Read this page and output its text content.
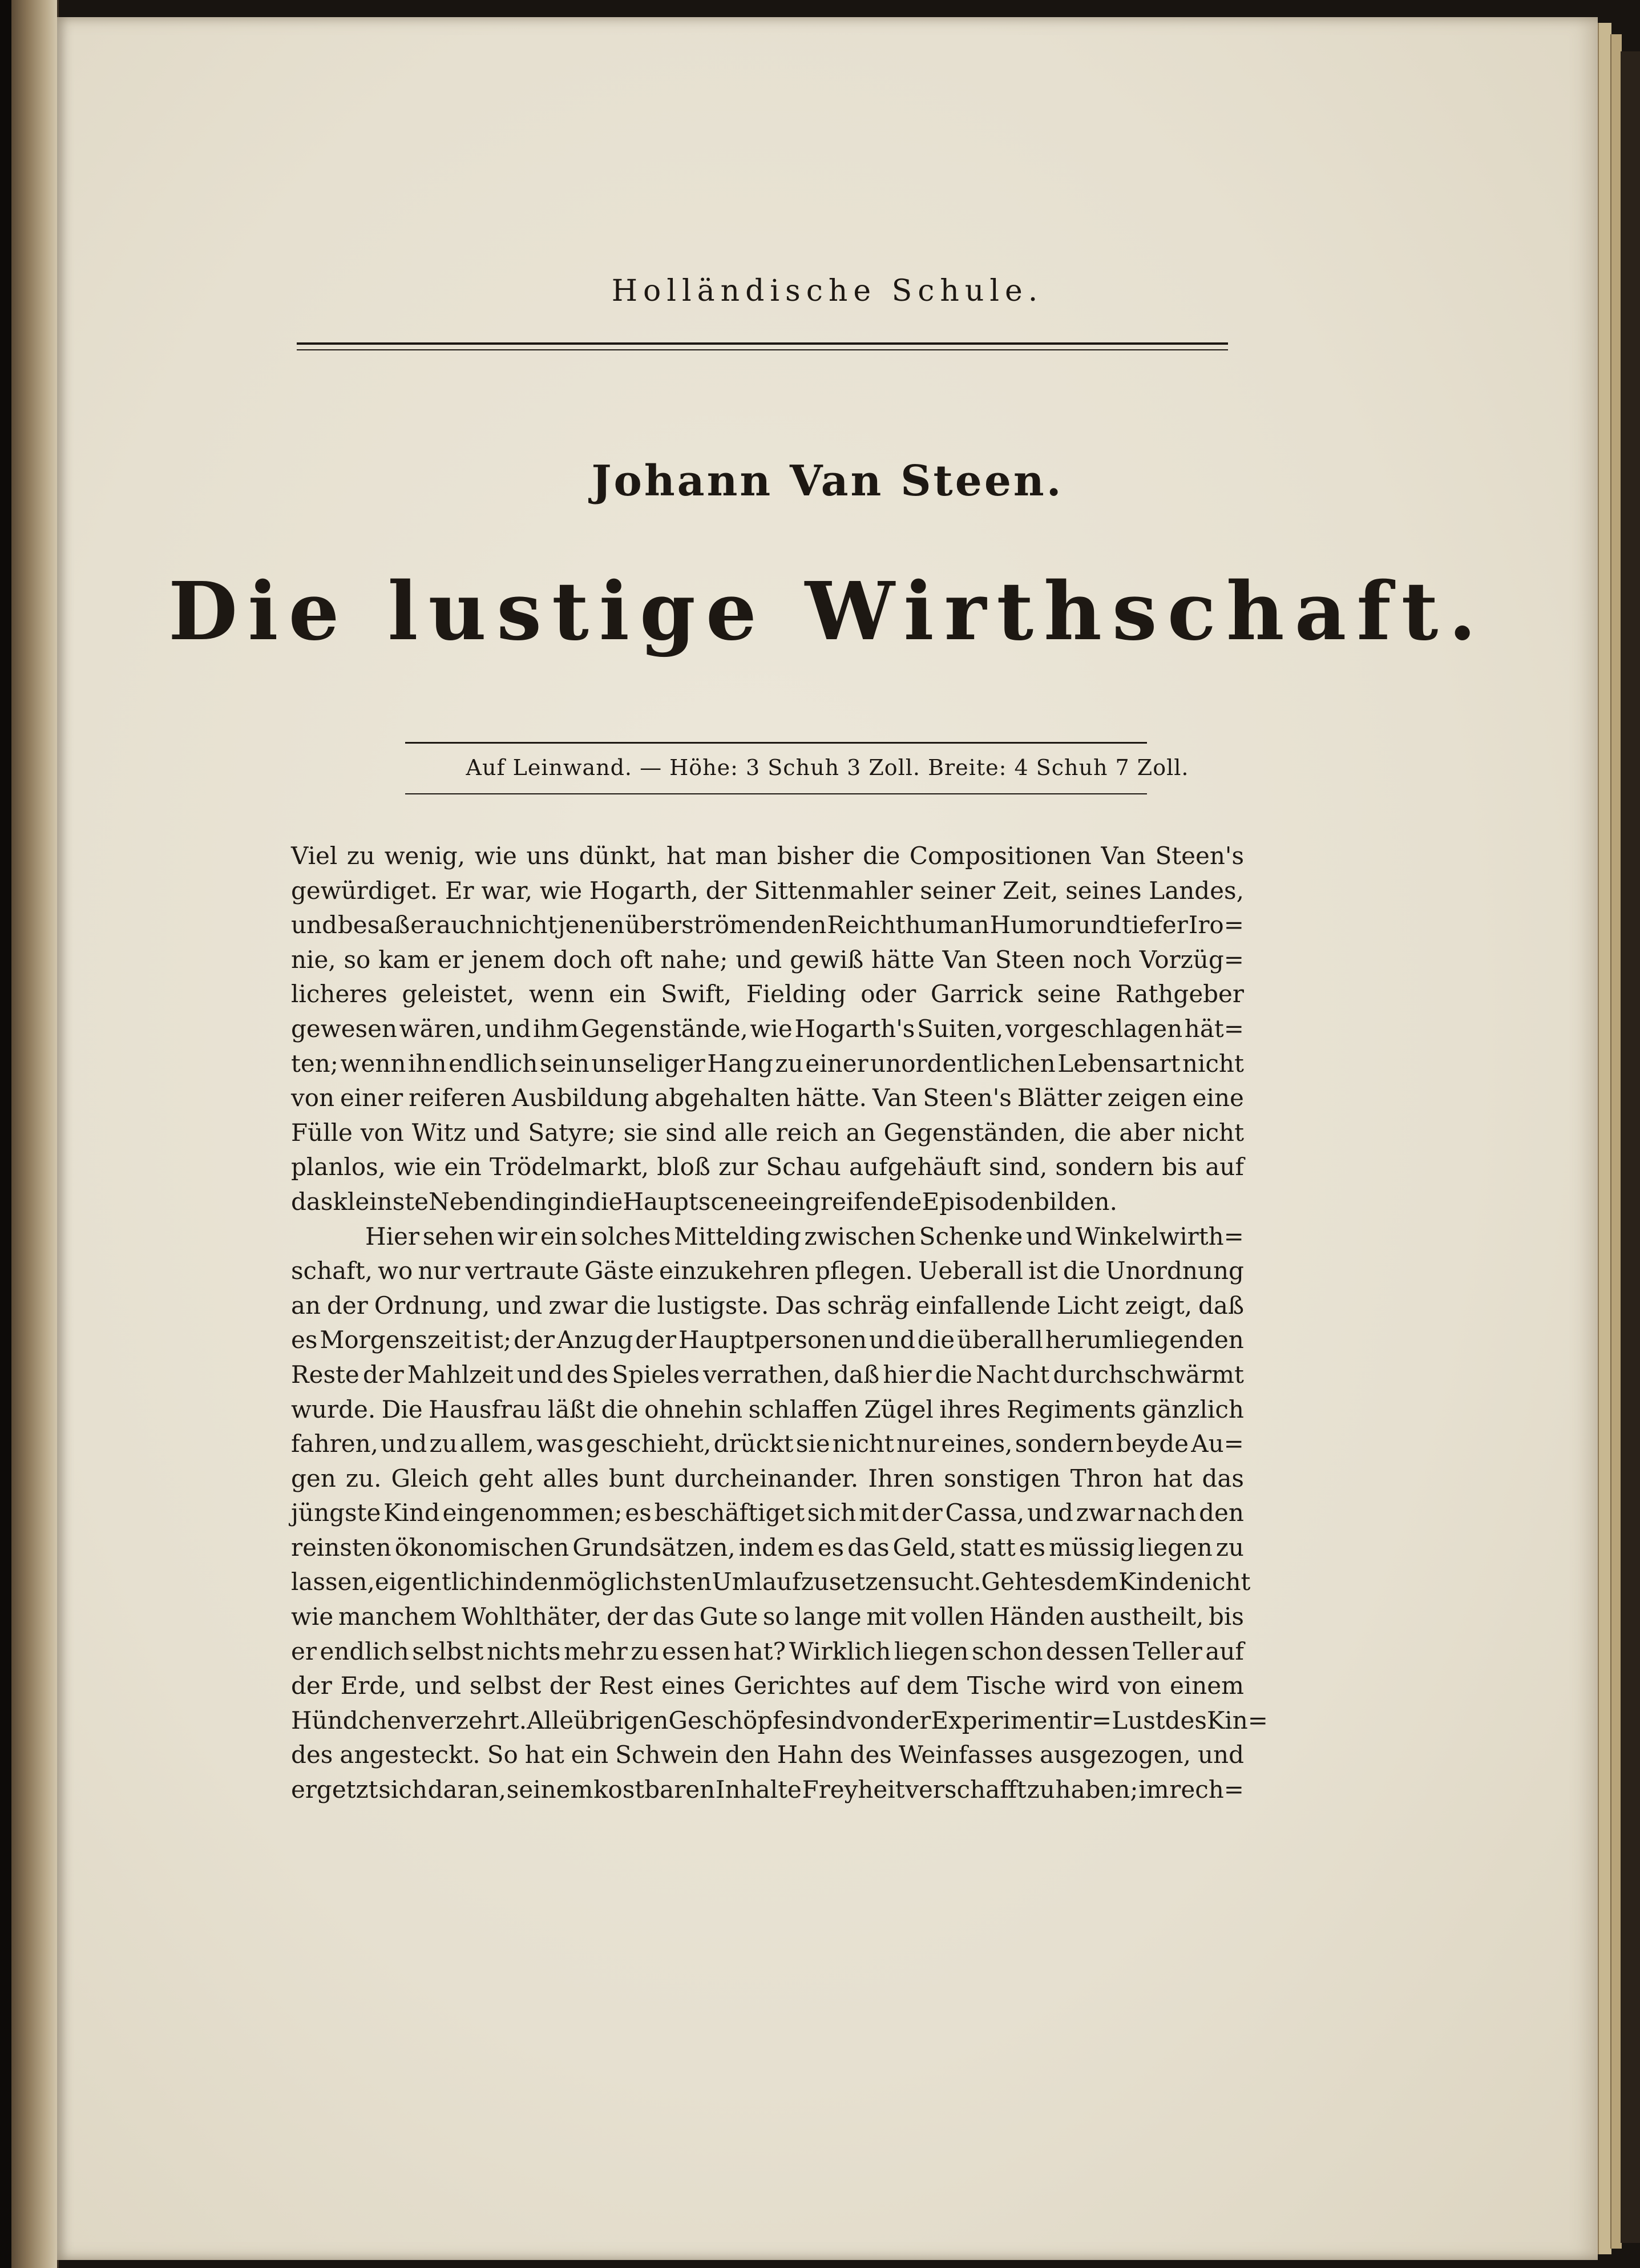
Holländische Schule.
Johann Van Steen.
Die lustige Wirthschaft.
Auf Leinwand. — Höhe: 3 Schuh 3 Zoll. Breite: 4 Schuh 7 Zoll.
Viel zu wenig, wie uns dünkt, hat man bisher die Compositionen Van Steen's
gewürdiget. Er war, wie Hogarth, der Sittenmahler seiner Zeit, seines Landes,
und besaß er auch nicht jenen überströmenden Reichthum an Humor und tiefer Iro=
nie, so kam er jenem doch oft nahe; und gewiß hätte Van Steen noch Vorzüg=
licheres geleistet, wenn ein Swift, Fielding oder Garrick seine Rathgeber
gewesen wären, und ihm Gegenstände, wie Hogarth's Suiten, vorgeschlagen hät=
ten; wenn ihn endlich sein unseliger Hang zu einer unordentlichen Lebensart nicht
von einer reiferen Ausbildung abgehalten hätte. Van Steen's Blätter zeigen eine
Fülle von Witz und Satyre; sie sind alle reich an Gegenständen, die aber nicht
planlos, wie ein Trödelmarkt, bloß zur Schau aufgehäuft sind, sondern bis auf
das kleinste Nebending in die Hauptscene eingreifende Episoden bilden.
Hier sehen wir ein solches Mittelding zwischen Schenke und Winkelwirth=
schaft, wo nur vertraute Gäste einzukehren pflegen. Ueberall ist die Unordnung
an der Ordnung, und zwar die lustigste. Das schräg einfallende Licht zeigt, daß
es Morgenszeit ist; der Anzug der Hauptpersonen und die überall herumliegenden
Reste der Mahlzeit und des Spieles verrathen, daß hier die Nacht durchschwärmt
wurde. Die Hausfrau läßt die ohnehin schlaffen Zügel ihres Regiments gänzlich
fahren, und zu allem, was geschieht, drückt sie nicht nur eines, sondern beyde Au=
gen zu. Gleich geht alles bunt durcheinander. Ihren sonstigen Thron hat das
jüngste Kind eingenommen; es beschäftiget sich mit der Cassa, und zwar nach den
reinsten ökonomischen Grundsätzen, indem es das Geld, statt es müssig liegen zu
lassen, eigentlich in den möglichsten Umlauf zu setzen sucht. Geht es dem Kinde nicht
wie manchem Wohlthäter, der das Gute so lange mit vollen Händen austheilt, bis
er endlich selbst nichts mehr zu essen hat? Wirklich liegen schon dessen Teller auf
der Erde, und selbst der Rest eines Gerichtes auf dem Tische wird von einem
Hündchen verzehrt. Alle übrigen Geschöpfe sind von der Experimentir=Lust des Kin=
des angesteckt. So hat ein Schwein den Hahn des Weinfasses ausgezogen, und
ergetzt sich daran, seinem kostbaren Inhalte Freyheit verschafft zu haben; im rech=
